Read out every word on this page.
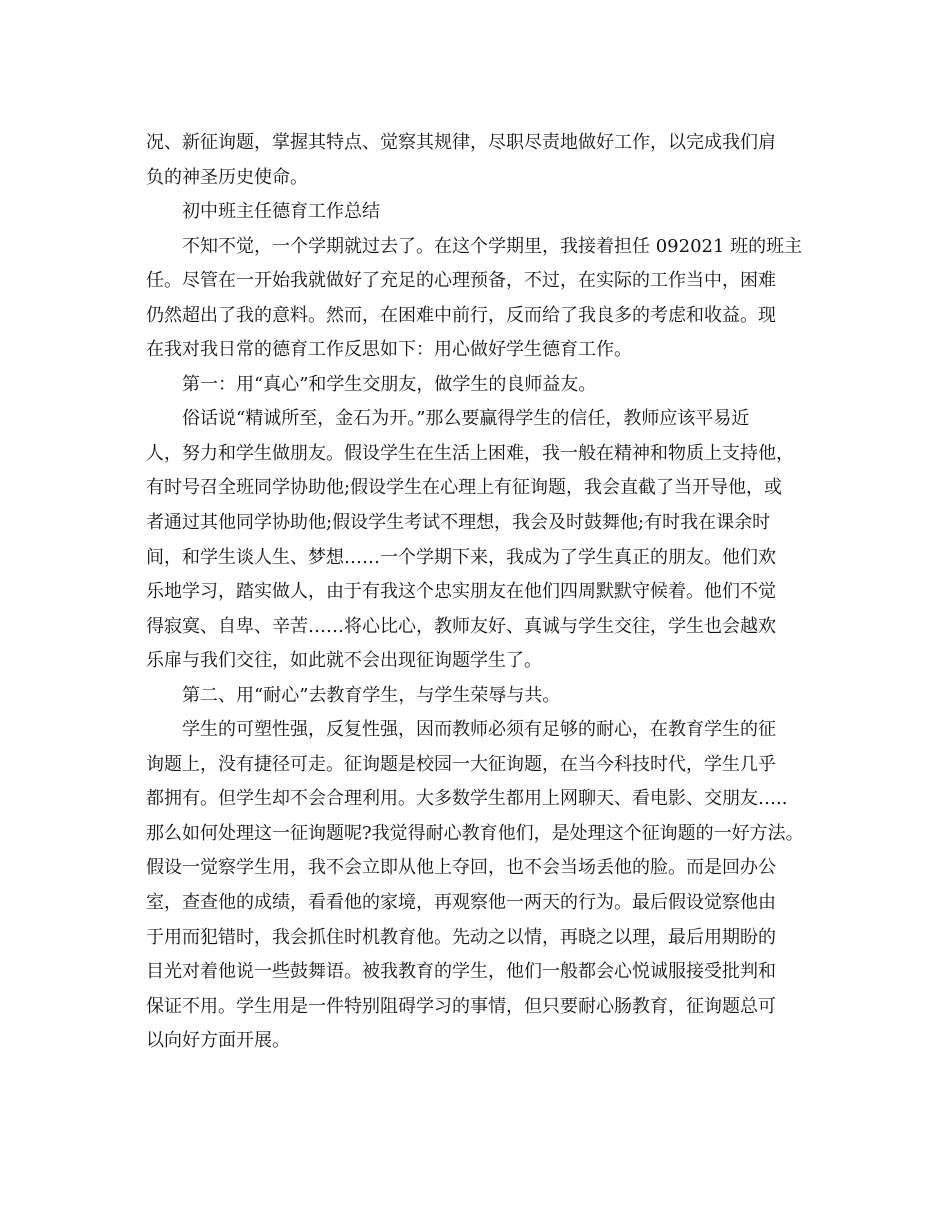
况、新征询题，掌握其特点、觉察其规律，尽职尽责地做好工作，以完成我们肩
负的神圣历史使命。
初中班主任德育工作总结
不知不觉，一个学期就过去了。在这个学期里，我接着担任 092021 班的班主
任。尽管在一开始我就做好了充足的心理预备，不过，在实际的工作当中，困难
仍然超出了我的意料。然而，在困难中前行，反而给了我良多的考虑和收益。现
在我对我日常的德育工作反思如下：用心做好学生德育工作。
第一：用“真心”和学生交朋友，做学生的良师益友。
俗话说“精诚所至，金石为开。”那么要赢得学生的信任，教师应该平易近
人，努力和学生做朋友。假设学生在生活上困难，我一般在精神和物质上支持他，
有时号召全班同学协助他;假设学生在心理上有征询题，我会直截了当开导他，或
者通过其他同学协助他;假设学生考试不理想，我会及时鼓舞他;有时我在课余时
间，和学生谈人生、梦想……一个学期下来，我成为了学生真正的朋友。他们欢
乐地学习，踏实做人，由于有我这个忠实朋友在他们四周默默守候着。他们不觉
得寂寞、自卑、辛苦……将心比心，教师友好、真诚与学生交往，学生也会越欢
乐扉与我们交往，如此就不会出现征询题学生了。
第二、用“耐心”去教育学生，与学生荣辱与共。
学生的可塑性强，反复性强，因而教师必须有足够的耐心，在教育学生的征
询题上，没有捷径可走。征询题是校园一大征询题，在当今科技时代，学生几乎
都拥有。但学生却不会合理利用。大多数学生都用上网聊天、看电影、交朋友…..
那么如何处理这一征询题呢?我觉得耐心教育他们，是处理这个征询题的一好方法。
假设一觉察学生用，我不会立即从他上夺回，也不会当场丢他的脸。而是回办公
室，查查他的成绩，看看他的家境，再观察他一两天的行为。最后假设觉察他由
于用而犯错时，我会抓住时机教育他。先动之以情，再晓之以理，最后用期盼的
目光对着他说一些鼓舞语。被我教育的学生，他们一般都会心悦诚服接受批判和
保证不用。学生用是一件特别阻碍学习的事情，但只要耐心肠教育，征询题总可
以向好方面开展。
